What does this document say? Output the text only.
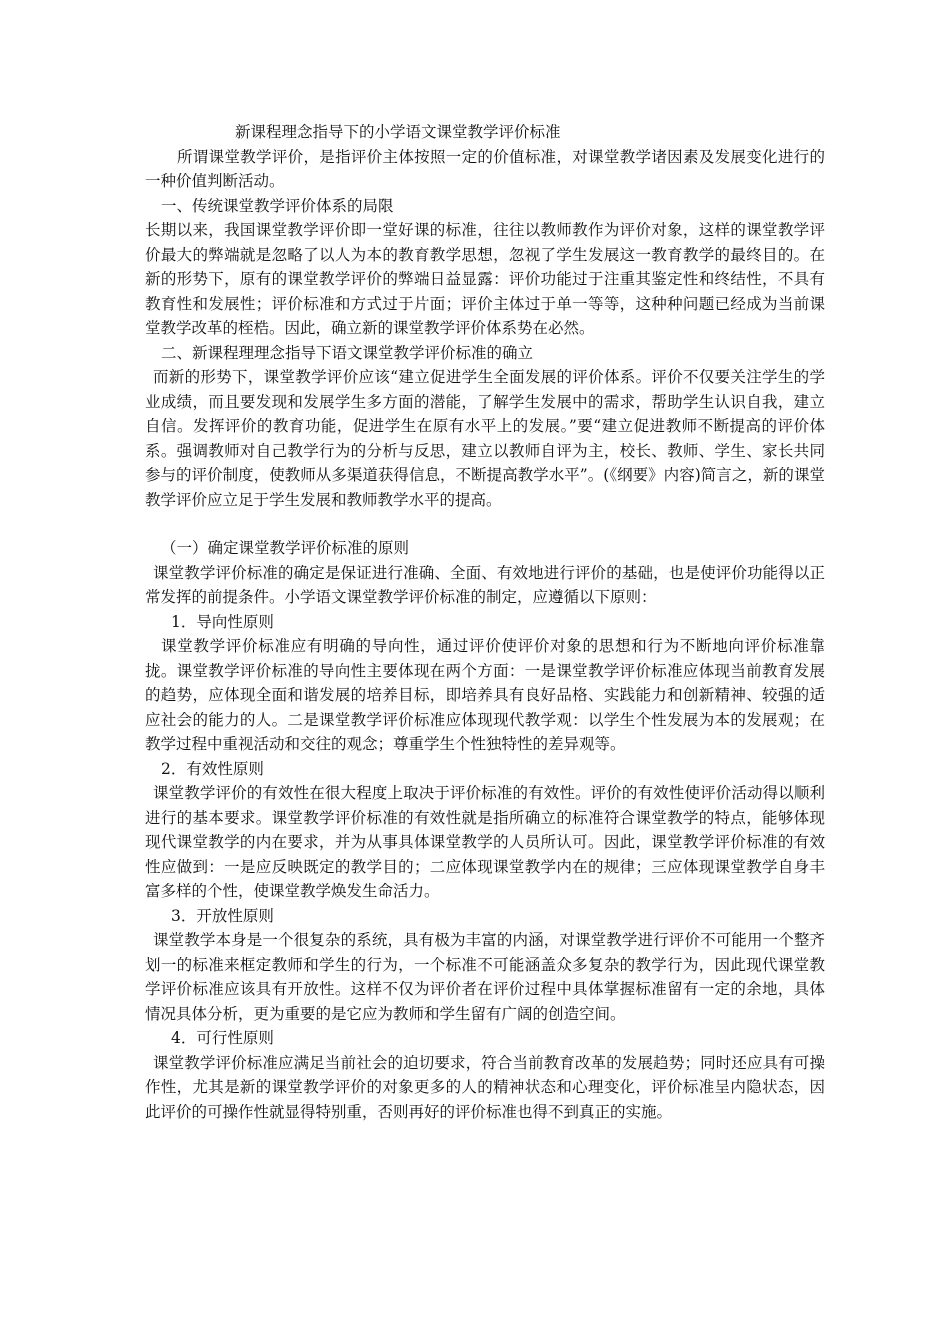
新课程理念指导下的小学语文课堂教学评价标准

所谓课堂教学评价，是指评价主体按照一定的价值标准，对课堂教学诸因素及发展变化进行的一种价值判断活动。

一、传统课堂教学评价体系的局限

长期以来，我国课堂教学评价即一堂好课的标准，往往以教师教作为评价对象，这样的课堂教学评价最大的弊端就是忽略了以人为本的教育教学思想，忽视了学生发展这一教育教学的最终目的。在新的形势下，原有的课堂教学评价的弊端日益显露：评价功能过于注重其鉴定性和终结性，不具有教育性和发展性；评价标准和方式过于片面；评价主体过于单一等等，这种种问题已经成为当前课堂教学改革的桎梏。因此，确立新的课堂教学评价体系势在必然。

二、新课程理理念指导下语文课堂教学评价标准的确立

而新的形势下，课堂教学评价应该“建立促进学生全面发展的评价体系。评价不仅要关注学生的学业成绩，而且要发现和发展学生多方面的潜能，了解学生发展中的需求，帮助学生认识自我，建立自信。发挥评价的教育功能，促进学生在原有水平上的发展。”要“建立促进教师不断提高的评价体系。强调教师对自己教学行为的分析与反思，建立以教师自评为主，校长、教师、学生、家长共同参与的评价制度，使教师从多渠道获得信息，不断提高教学水平”。(《纲要》内容)简言之，新的课堂教学评价应立足于学生发展和教师教学水平的提高。

（一）确定课堂教学评价标准的原则

课堂教学评价标准的确定是保证进行准确、全面、有效地进行评价的基础，也是使评价功能得以正常发挥的前提条件。小学语文课堂教学评价标准的制定，应遵循以下原则：

1．导向性原则

课堂教学评价标准应有明确的导向性，通过评价使评价对象的思想和行为不断地向评价标准靠拢。课堂教学评价标准的导向性主要体现在两个方面：一是课堂教学评价标准应体现当前教育发展的趋势，应体现全面和谐发展的培养目标，即培养具有良好品格、实践能力和创新精神、较强的适应社会的能力的人。二是课堂教学评价标准应体现现代教学观：以学生个性发展为本的发展观；在教学过程中重视活动和交往的观念；尊重学生个性独特性的差异观等。

2．有效性原则

课堂教学评价的有效性在很大程度上取决于评价标准的有效性。评价的有效性使评价活动得以顺利进行的基本要求。课堂教学评价标准的有效性就是指所确立的标准符合课堂教学的特点，能够体现现代课堂教学的内在要求，并为从事具体课堂教学的人员所认可。因此，课堂教学评价标准的有效性应做到：一是应反映既定的教学目的；二应体现课堂教学内在的规律；三应体现课堂教学自身丰富多样的个性，使课堂教学焕发生命活力。

3．开放性原则

课堂教学本身是一个很复杂的系统，具有极为丰富的内涵，对课堂教学进行评价不可能用一个整齐划一的标准来框定教师和学生的行为，一个标准不可能涵盖众多复杂的教学行为，因此现代课堂教学评价标准应该具有开放性。这样不仅为评价者在评价过程中具体掌握标准留有一定的余地，具体情况具体分析，更为重要的是它应为教师和学生留有广阔的创造空间。

4．可行性原则

课堂教学评价标准应满足当前社会的迫切要求，符合当前教育改革的发展趋势；同时还应具有可操作性，尤其是新的课堂教学评价的对象更多的人的精神状态和心理变化，评价标准呈内隐状态，因此评价的可操作性就显得特别重，否则再好的评价标准也得不到真正的实施。
